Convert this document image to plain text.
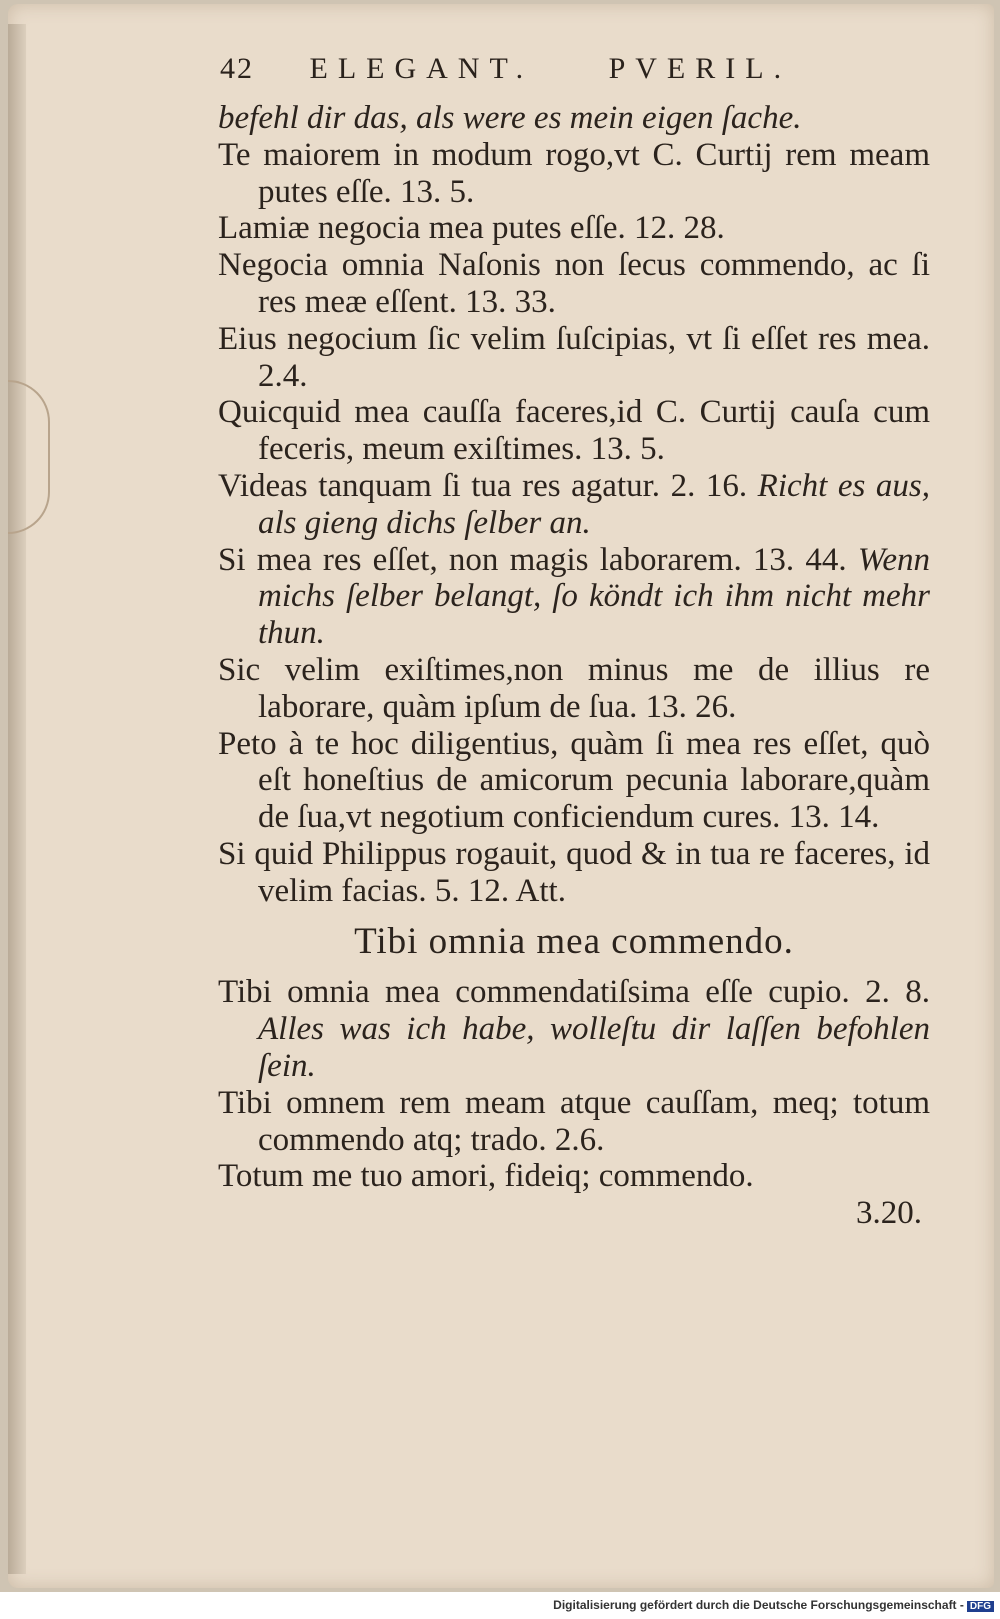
42 ELEGANT.	PVERIL.
befehl dir das, als were es mein eigen ſache.
Te maiorem in modum rogo,vt C. Curtij rem meam putes eſſe. 13. 5.
Lamiæ negocia mea putes eſſe. 12. 28.
Negocia omnia Naſonis non ſecus commendo, ac ſi res meæ eſſent. 13. 33.
Eius negocium ſic velim ſuſcipias, vt ſi eſſet res mea. 2.4.
Quicquid mea cauſſa faceres,id C. Curtij cauſa cum feceris, meum exiſtimes. 13. 5.
Videas tanquam ſi tua res agatur. 2. 16. Richt es aus, als gieng dichs ſelber an.
Si mea res eſſet, non magis laborarem. 13. 44. Wenn michs ſelber belangt, ſo köndt ich ihm nicht mehr thun.
Sic velim exiſtimes,non minus me de illius re laborare, quàm ipſum de ſua. 13. 26.
Peto à te hoc diligentius, quàm ſi mea res eſſet, quò eſt honeſtius de amicorum pecunia laborare,quàm de ſua,vt negotium conficiendum cures. 13. 14.
Si quid Philippus rogauit, quod & in tua re faceres, id velim facias. 5. 12. Att.
Tibi omnia mea commendo.
Tibi omnia mea commendatiſsima eſſe cupio. 2. 8. Alles was ich habe, wolleſtu dir laſſen befohlen ſein.
Tibi omnem rem meam atque cauſſam, meq; totum commendo atq; trado. 2.6.
Totum me tuo amori, fideiq; commendo.
3.20.
Digitalisierung gefördert durch die Deutsche Forschungsgemeinschaft - DFG
